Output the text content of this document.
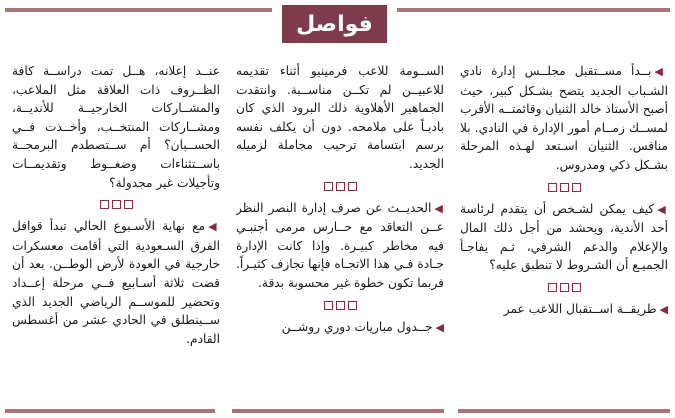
فواصل

◀بــدأ مســتقبل مجلــس إدارة نادي الشـباب الجديد يتضح بشـكل كبير، حيث أصبح الأستاذ خالد الثنيان وقائمتــه الأقرب لمســك زمــام أمور الإدارة في النادي. بلا منافس. الثنيان اسـتعد لهـذه المرحلة بشـكل ذكي ومدروس.

◀كيف يمكن لشـخص أن يتقدم لرئاسة أحد الأندية، ويحشد من أجل ذلك المال والإعلام والدعم الشرفي، ثـم يفاجـأ الجميـع أن الشـروط لا تنطبق عليه؟

◀طريقــة اســتقبال اللاعب عمر

الســومة للاعب فرمينيو أثناء تقديمه للاعبيــن لم تكــن مناســبة. وانتقدت الجماهير الأهلاوية ذلك البرود الذي كان باديـاً على ملامحه. دون أن يكلف نفسه برسم ابتسامة ترحيب مجاملة لزميله الجديد.

◀الحديــث عن صرف إدارة النصر النظر عــن التعاقد مع حــارس مرمى أجنبـي فيه مخاطر كبيـرة. وإذا كانت الإدارة جـادة فـي هذا الاتجـاه فإنها تجازف كثيـراً. فربما تكون خطوة غير محسوبة بدقة.

◀جــدول مباريات دوري روشــن

عنــد إعلانه، هــل تمت دراســة كافة الظــروف ذات العلاقة مثل الملاعب، والمشــاركات الخارجيــة للأنديــة، ومشــاركات المنتخــب، وأخــذت فــي الحســبان؟ أم ســتصطدم البرمجــة باســتثناءات وضغــوط وتقديمــات وتأجيلات غير مجدولة؟

◀مع نهاية الأسـبوع الحالي تبدأ قوافل الفرق السـعودية التي أقامت معسكرات خارجية في العودة لأرض الوطــن. بعد أن قضت ثلاثة أسـابيع فــي مرحلة إعــداد وتحضير للموســم الرياضي الجديد الذي ســينطلق في الحادي عشر من أغسطس القادم.
